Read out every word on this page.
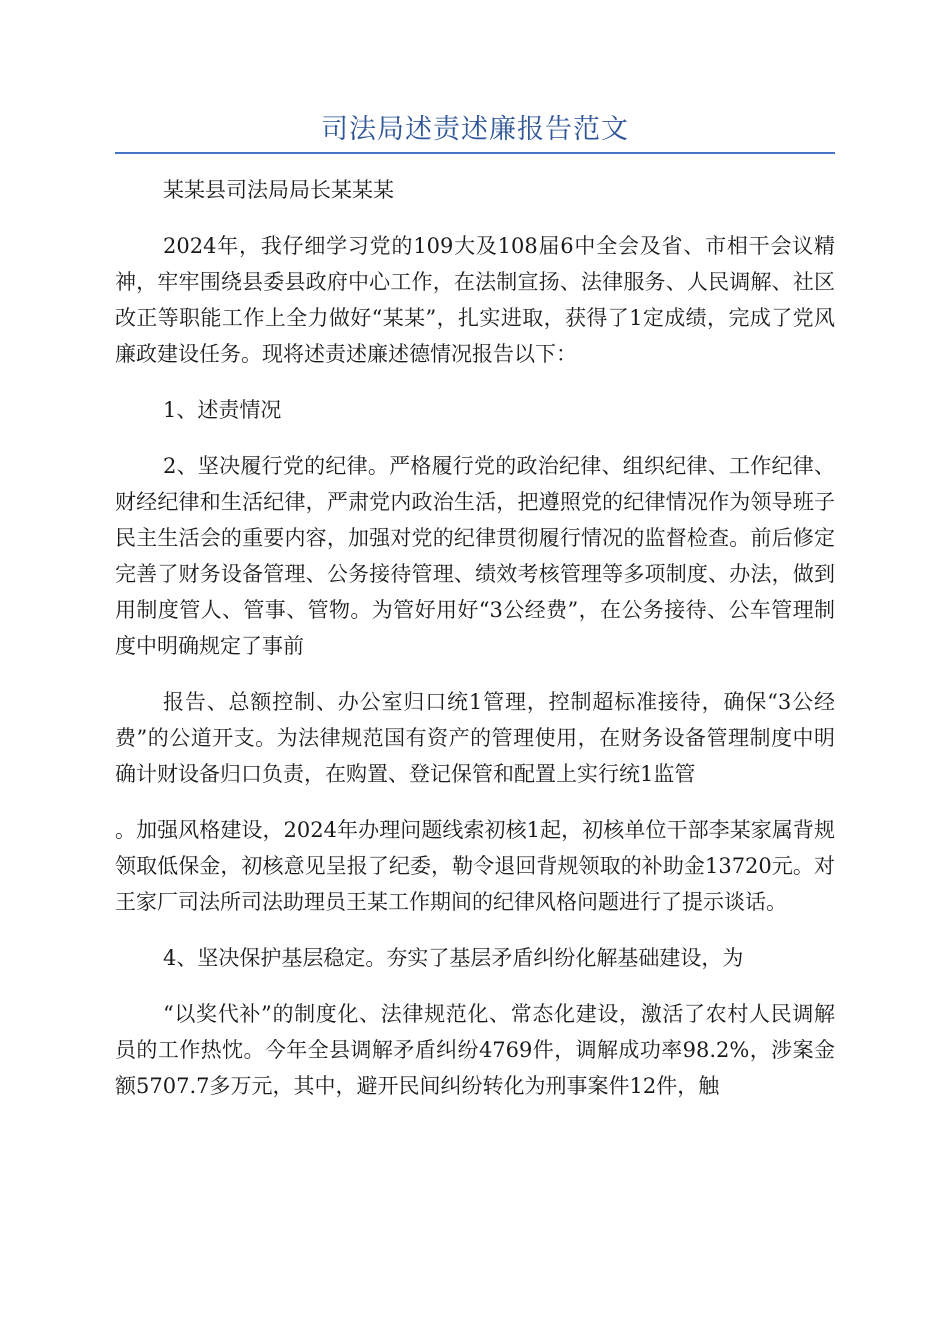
司法局述责述廉报告范文

某某县司法局局长某某某

2024年，我仔细学习党的109大及108届6中全会及省、市相干会议精神，牢牢围绕县委县政府中心工作，在法制宣扬、法律服务、人民调解、社区改正等职能工作上全力做好“某某”，扎实进取，获得了1定成绩，完成了党风廉政建设任务。现将述责述廉述德情况报告以下：

1、述责情况

2、坚决履行党的纪律。严格履行党的政治纪律、组织纪律、工作纪律、财经纪律和生活纪律，严肃党内政治生活，把遵照党的纪律情况作为领导班子民主生活会的重要内容，加强对党的纪律贯彻履行情况的监督检查。前后修定完善了财务设备管理、公务接待管理、绩效考核管理等多项制度、办法，做到用制度管人、管事、管物。为管好用好“3公经费”，在公务接待、公车管理制度中明确规定了事前

报告、总额控制、办公室归口统1管理，控制超标准接待，确保“3公经费”的公道开支。为法律规范国有资产的管理使用，在财务设备管理制度中明确计财设备归口负责，在购置、登记保管和配置上实行统1监管

。加强风格建设，2024年办理问题线索初核1起，初核单位干部李某家属背规领取低保金，初核意见呈报了纪委，勒令退回背规领取的补助金13720元。对王家厂司法所司法助理员王某工作期间的纪律风格问题进行了提示谈话。

4、坚决保护基层稳定。夯实了基层矛盾纠纷化解基础建设，为

“以奖代补”的制度化、法律规范化、常态化建设，激活了农村人民调解员的工作热忱。今年全县调解矛盾纠纷4769件，调解成功率98.2%，涉案金额5707.7多万元，其中，避开民间纠纷转化为刑事案件12件，触
